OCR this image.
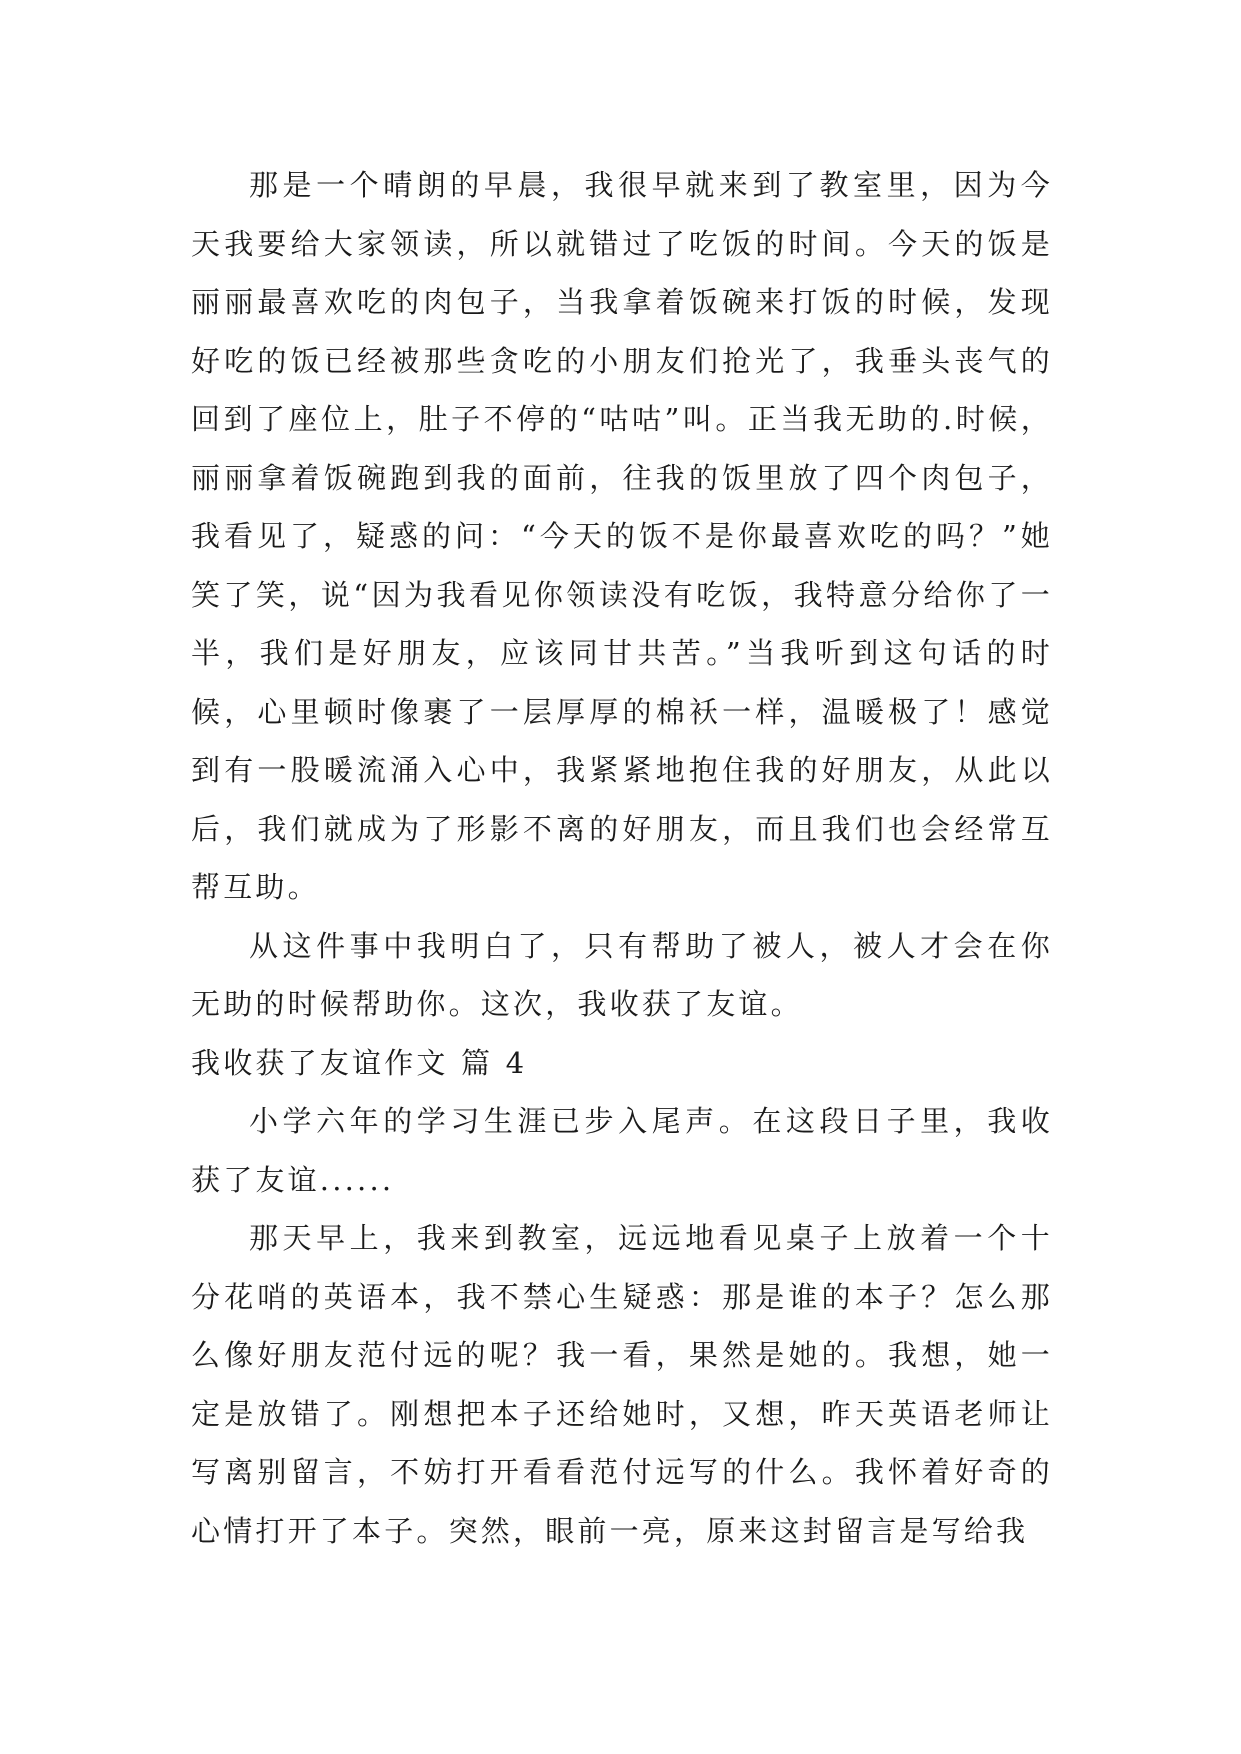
那是一个晴朗的早晨，我很早就来到了教室里，因为今天我要给大家领读，所以就错过了吃饭的时间。今天的饭是丽丽最喜欢吃的肉包子，当我拿着饭碗来打饭的时候，发现好吃的饭已经被那些贪吃的小朋友们抢光了，我垂头丧气的回到了座位上，肚子不停的“咕咕”叫。正当我无助的.时候，丽丽拿着饭碗跑到我的面前，往我的饭里放了四个肉包子，我看见了，疑惑的问：“今天的饭不是你最喜欢吃的吗？”她笑了笑，说“因为我看见你领读没有吃饭，我特意分给你了一半，我们是好朋友，应该同甘共苦。”当我听到这句话的时候，心里顿时像裹了一层厚厚的棉袄一样，温暖极了！感觉到有一股暖流涌入心中，我紧紧地抱住我的好朋友，从此以后，我们就成为了形影不离的好朋友，而且我们也会经常互帮互助。

从这件事中我明白了，只有帮助了被人，被人才会在你无助的时候帮助你。这次，我收获了友谊。

我收获了友谊作文 篇 4

小学六年的学习生涯已步入尾声。在这段日子里，我收获了友谊......

那天早上，我来到教室，远远地看见桌子上放着一个十分花哨的英语本，我不禁心生疑惑：那是谁的本子？怎么那么像好朋友范付远的呢？我一看，果然是她的。我想，她一定是放错了。刚想把本子还给她时，又想，昨天英语老师让写离别留言，不妨打开看看范付远写的什么。我怀着好奇的心情打开了本子。突然，眼前一亮，原来这封留言是写给我
